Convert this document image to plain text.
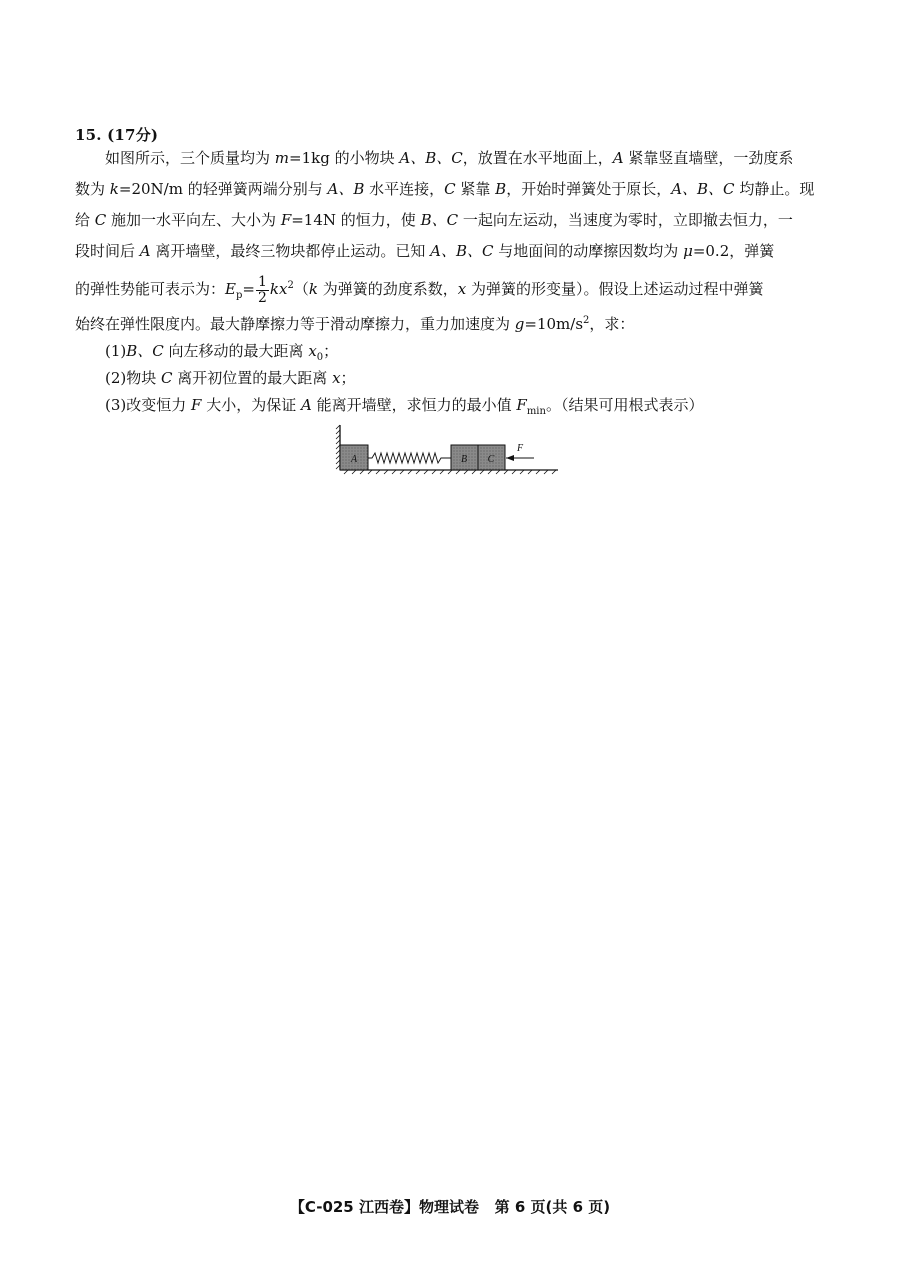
15. (17分)
如图所示，三个质量均为 m=1kg 的小物块 A、B、C，放置在水平地面上，A 紧靠竖直墙壁，一劲度系
数为 k=20N/m 的轻弹簧两端分别与 A、B 水平连接，C 紧靠 B，开始时弹簧处于原长，A、B、C 均静止。现
给 C 施加一水平向左、大小为 F=14N 的恒力，使 B、C 一起向左运动，当速度为零时，立即撤去恒力，一
段时间后 A 离开墙壁，最终三物块都停止运动。已知 A、B、C 与地面间的动摩擦因数均为 μ=0.2，弹簧
的弹性势能可表示为：$E_p= \frac{1}{2} kx^2(k$ 为弹簧的劲度系数，x 为弹簧的形变量）。假设上述运动过程中弹簧
始终在弹性限度内。最大静摩擦力等于滑动摩擦力，重力加速度为 $g=10m/s^2$，求：
(1)B、C 向左移动的最大距离 $x_0$；
(2)物块 C 离开初位置的最大距离 x；
(3)改变恒力 F 大小，为保证 A 能离开墙壁，求恒力的最小值 $F_{min}$。（结果可用根式表示）
A	B C
F
【C-025 江西卷】物理试卷 第 6 页(共 6 页)
